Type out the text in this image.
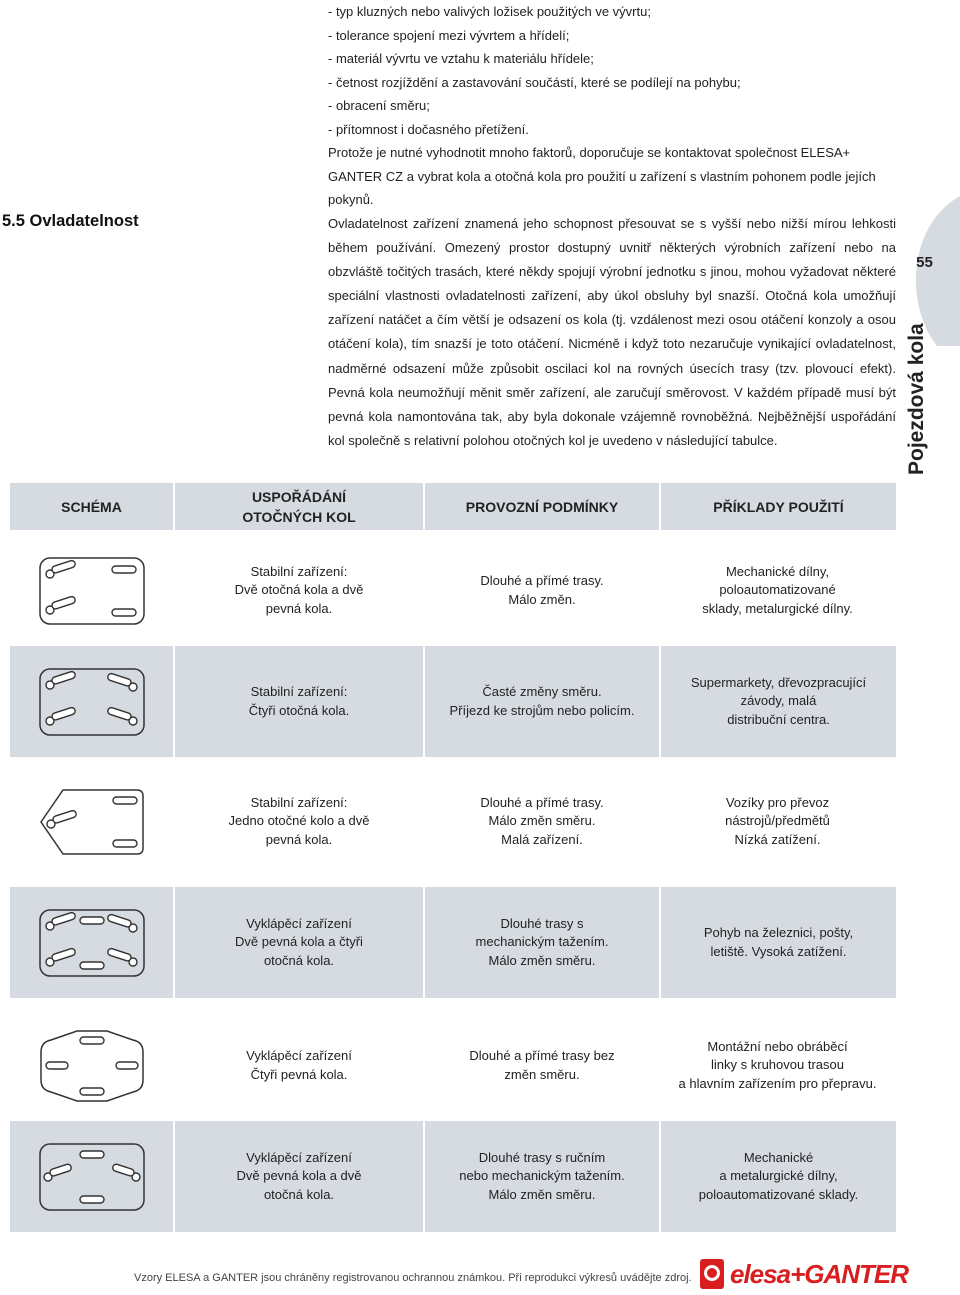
- typ kluzných nebo valivých ložisek použitých ve vývrtu;
- tolerance spojení mezi vývrtem a hřídelí;
- materiál vývrtu ve vztahu k materiálu hřídele;
- četnost rozjíždění a zastavování součástí, které se podílejí na pohybu;
- obracení směru;
- přítomnost i dočasného přetížení.

Protože je nutné vyhodnotit mnoho faktorů, doporučuje se kontaktovat společnost ELESA+ GANTER CZ a vybrat kola a otočná kola pro použití u zařízení s vlastním pohonem podle jejích pokynů.

5.5 Ovladatelnost	Ovladatelnost zařízení znamená jeho schopnost přesouvat se s vyšší nebo nižší mírou lehkosti během používání. Omezený prostor dostupný uvnitř některých výrobních zařízení nebo na obzvláště točitých trasách, které někdy spojují výrobní jednotku s jinou, mohou vyžadovat některé speciální vlastnosti ovladatelnosti zařízení, aby úkol obsluhy byl snazší. Otočná kola umožňují zařízení natáčet a čím větší je odsazení os kola (tj. vzdálenost mezi osou otáčení konzoly a osou otáčení kola), tím snazší je toto otáčení. Nicméně i když toto nezaručuje vynikající ovladatelnost, nadměrné odsazení může způsobit oscilaci kol na rovných úsecích trasy (tzv. plovoucí efekt). Pevná kola neumožňují měnit směr zařízení, ale zaručují směrovost. V každém případě musí být pevná kola namontována tak, aby byla dokonale vzájemně rovnoběžná. Nejběžnější uspořádání kol společně s relativní polohou otočných kol je uvedeno v následující tabulce.
55
Pojezdová kola
SCHÉMA
USPOŘÁDÁNÍ
OTOČNÝCH KOL
PROVOZNÍ PODMÍNKY	PŘÍKLADY POUŽITÍ
Stabilní zařízení:
Dvě otočná kola a dvě
pevná kola.
Dlouhé a přímé trasy.
Málo změn.
Mechanické dílny,
poloautomatizované
sklady, metalurgické dílny.
Stabilní zařízení:
Čtyři otočná kola.
Časté změny směru.
Příjezd ke strojům nebo policím.
Supermarkety, dřevozpracující
závody, malá
distribuční centra.
Stabilní zařízení:
Jedno otočné kolo a dvě
pevná kola.
Dlouhé a přímé trasy.
Málo změn směru.
Malá zařízení.
Vozíky pro převoz
nástrojů/předmětů
Nízká zatížení.
Vyklápěcí zařízení
Dvě pevná kola a čtyři
otočná kola.
Dlouhé trasy s
mechanickým tažením.
Málo změn směru.
Pohyb na železnici, pošty,
letiště. Vysoká zatížení.
Vyklápěcí zařízení
Čtyři pevná kola.
Dlouhé a přímé trasy bez
změn směru.
Montážní nebo obráběcí
linky s kruhovou trasou
a hlavním zařízením pro přepravu.
Vyklápěcí zařízení
Dvě pevná kola a dvě
otočná kola.
Dlouhé trasy s ručním
nebo mechanickým tažením.
Málo změn směru.
Mechanické
a metalurgické dílny,
poloautomatizované sklady.
Vzory ELESA a GANTER jsou chráněny registrovanou ochrannou známkou. Při reprodukci výkresů uvádějte zdroj. elesa+GANTER
